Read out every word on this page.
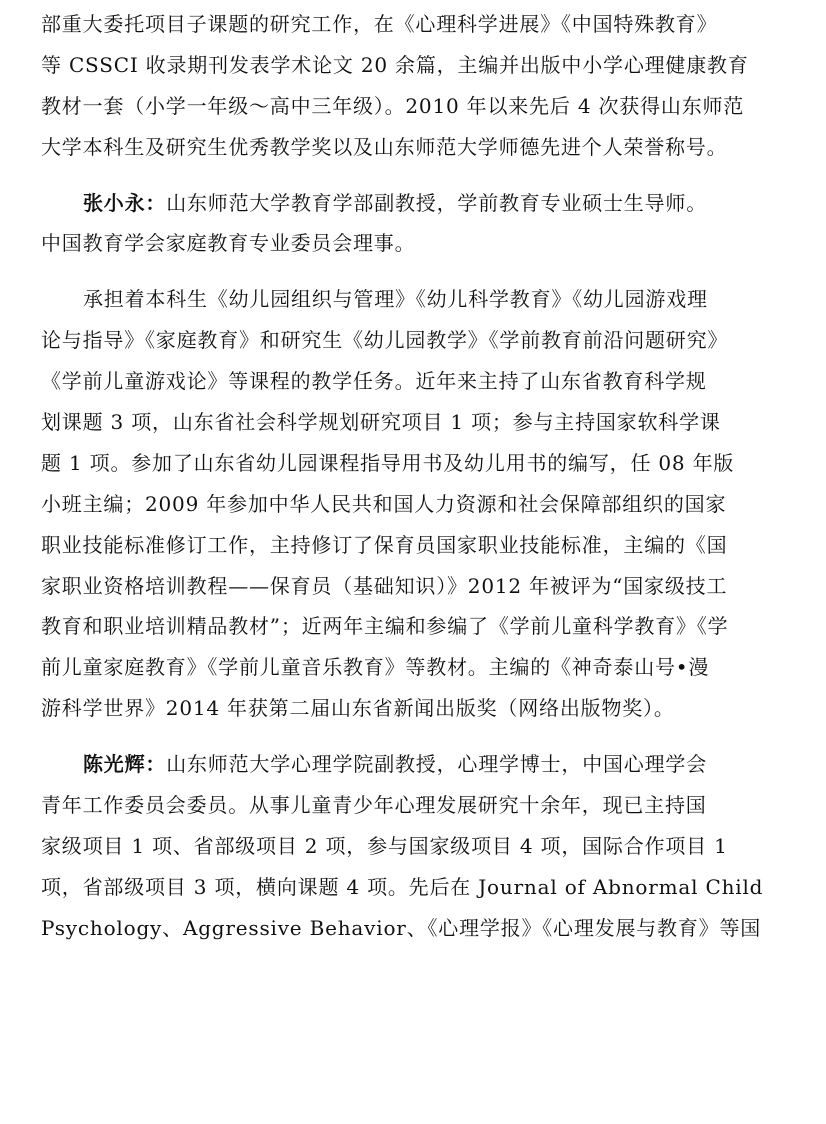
部重大委托项目子课题的研究工作，在《心理科学进展》《中国特殊教育》
等 CSSCI 收录期刊发表学术论文 20 余篇，主编并出版中小学心理健康教育
教材一套（小学一年级～高中三年级）。2010 年以来先后 4 次获得山东师范
大学本科生及研究生优秀教学奖以及山东师范大学师德先进个人荣誉称号。
张小永：山东师范大学教育学部副教授，学前教育专业硕士生导师。
中国教育学会家庭教育专业委员会理事。
承担着本科生《幼儿园组织与管理》《幼儿科学教育》《幼儿园游戏理
论与指导》《家庭教育》和研究生《幼儿园教学》《学前教育前沿问题研究》
《学前儿童游戏论》等课程的教学任务。近年来主持了山东省教育科学规
划课题 3 项，山东省社会科学规划研究项目 1 项；参与主持国家软科学课
题 1 项。参加了山东省幼儿园课程指导用书及幼儿用书的编写，任 08 年版
小班主编；2009 年参加中华人民共和国人力资源和社会保障部组织的国家
职业技能标准修订工作，主持修订了保育员国家职业技能标准，主编的《国
家职业资格培训教程——保育员（基础知识）》2012 年被评为“国家级技工
教育和职业培训精品教材”；近两年主编和参编了《学前儿童科学教育》《学
前儿童家庭教育》《学前儿童音乐教育》等教材。主编的《神奇泰山号•漫
游科学世界》2014 年获第二届山东省新闻出版奖（网络出版物奖）。
陈光辉：山东师范大学心理学院副教授，心理学博士，中国心理学会
青年工作委员会委员。从事儿童青少年心理发展研究十余年，现已主持国
家级项目 1 项、省部级项目 2 项，参与国家级项目 4 项，国际合作项目 1
项，省部级项目 3 项，横向课题 4 项。先后在 Journal of Abnormal Child
Psychology、Aggressive Behavior、《心理学报》《心理发展与教育》等国
